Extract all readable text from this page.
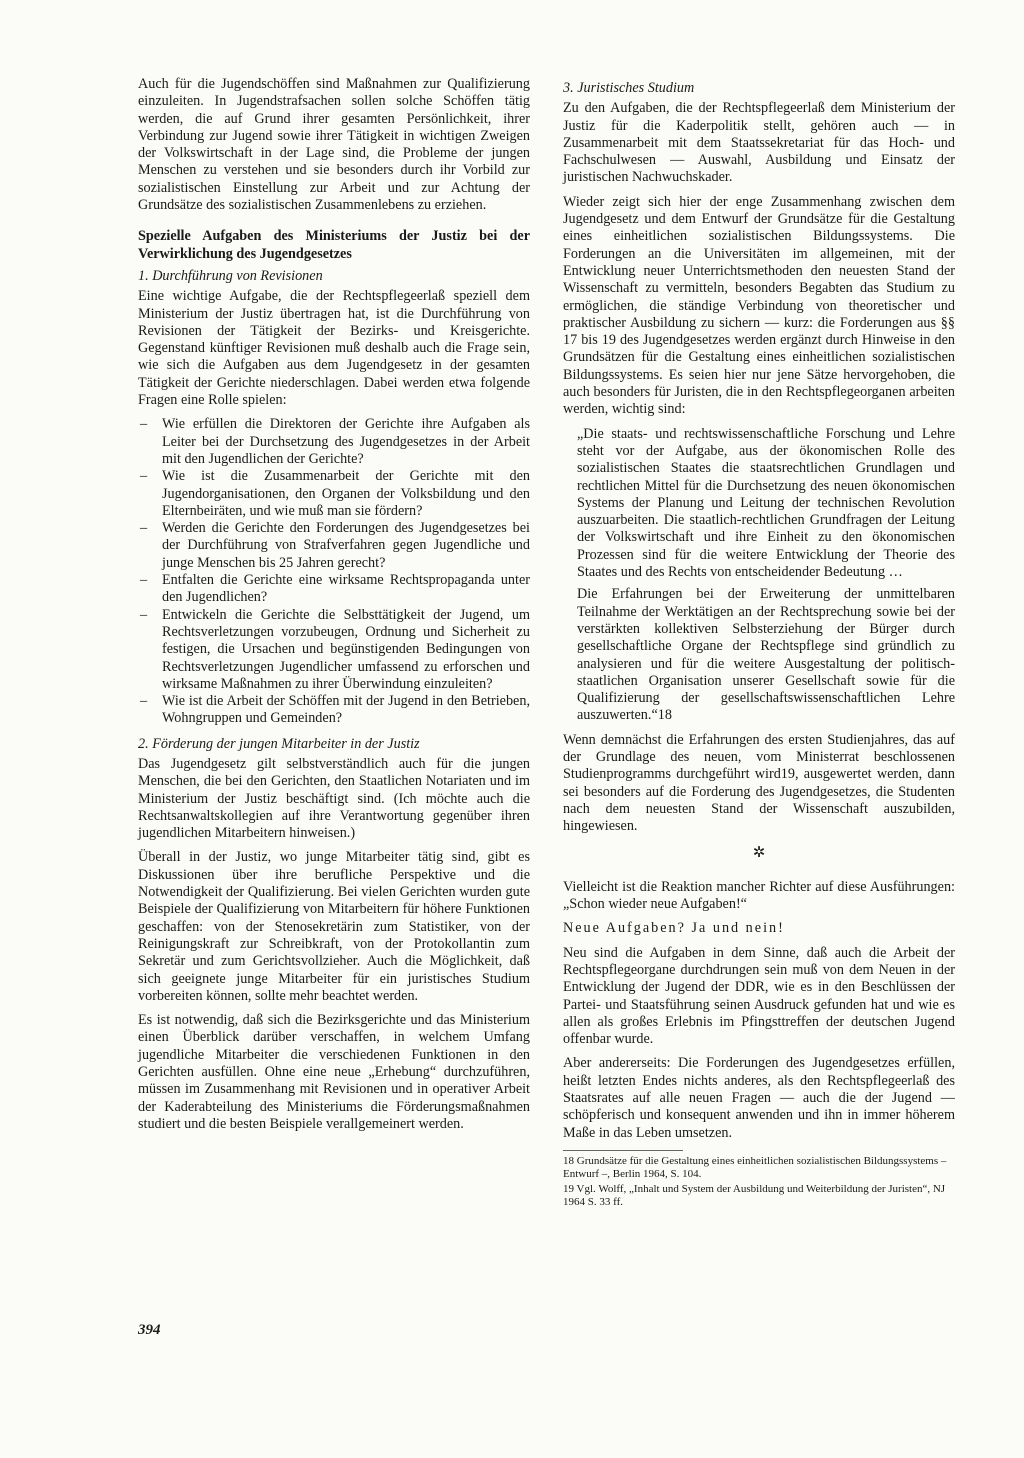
Auch für die Jugendschöffen sind Maßnahmen zur Qualifizierung einzuleiten. In Jugendstrafsachen sollen solche Schöffen tätig werden, die auf Grund ihrer gesamten Persönlichkeit, ihrer Verbindung zur Jugend sowie ihrer Tätigkeit in wichtigen Zweigen der Volkswirtschaft in der Lage sind, die Probleme der jungen Menschen zu verstehen und sie besonders durch ihr Vorbild zur sozialistischen Einstellung zur Arbeit und zur Achtung der Grundsätze des sozialistischen Zusammenlebens zu erziehen.

Spezielle Aufgaben des Ministeriums der Justiz bei der Verwirklichung des Jugendgesetzes
1. Durchführung von Revisionen

Eine wichtige Aufgabe, die der Rechtspflegeerlaß speziell dem Ministerium der Justiz übertragen hat, ist die Durchführung von Revisionen der Tätigkeit der Bezirks- und Kreisgerichte. Gegenstand künftiger Revisionen muß deshalb auch die Frage sein, wie sich die Aufgaben aus dem Jugendgesetz in der gesamten Tätigkeit der Gerichte niederschlagen. Dabei werden etwa folgende Fragen eine Rolle spielen:

– Wie erfüllen die Direktoren der Gerichte ihre Aufgaben als Leiter bei der Durchsetzung des Jugendgesetzes in der Arbeit mit den Jugendlichen der Gerichte?
– Wie ist die Zusammenarbeit der Gerichte mit den Jugendorganisationen, den Organen der Volksbildung und den Elternbeiräten, und wie muß man sie fördern?
– Werden die Gerichte den Forderungen des Jugendgesetzes bei der Durchführung von Strafverfahren gegen Jugendliche und junge Menschen bis 25 Jahren gerecht?
– Entfalten die Gerichte eine wirksame Rechtspropaganda unter den Jugendlichen?
– Entwickeln die Gerichte die Selbsttätigkeit der Jugend, um Rechtsverletzungen vorzubeugen, Ordnung und Sicherheit zu festigen, die Ursachen und begünstigenden Bedingungen von Rechtsverletzungen Jugendlicher umfassend zu erforschen und wirksame Maßnahmen zu ihrer Überwindung einzuleiten?
– Wie ist die Arbeit der Schöffen mit der Jugend in den Betrieben, Wohngruppen und Gemeinden?
2. Förderung der jungen Mitarbeiter in der Justiz

Das Jugendgesetz gilt selbstverständlich auch für die jungen Menschen, die bei den Gerichten, den Staatlichen Notariaten und im Ministerium der Justiz beschäftigt sind. (Ich möchte auch die Rechtsanwaltskollegien auf ihre Verantwortung gegenüber ihren jugendlichen Mitarbeitern hinweisen.)

Überall in der Justiz, wo junge Mitarbeiter tätig sind, gibt es Diskussionen über ihre berufliche Perspektive und die Notwendigkeit der Qualifizierung. Bei vielen Gerichten wurden gute Beispiele der Qualifizierung von Mitarbeitern für höhere Funktionen geschaffen: von der Stenosekretärin zum Statistiker, von der Reinigungskraft zur Schreibkraft, von der Protokollantin zum Sekretär und zum Gerichtsvollzieher. Auch die Möglichkeit, daß sich geeignete junge Mitarbeiter für ein juristisches Studium vorbereiten können, sollte mehr beachtet werden.

Es ist notwendig, daß sich die Bezirksgerichte und das Ministerium einen Überblick darüber verschaffen, in welchem Umfang jugendliche Mitarbeiter die verschiedenen Funktionen in den Gerichten ausfüllen. Ohne eine neue „Erhebung“ durchzuführen, müssen im Zusammenhang mit Revisionen und in operativer Arbeit der Kaderabteilung des Ministeriums die Förderungsmaßnahmen studiert und die besten Beispiele verallgemeinert werden.

3. Juristisches Studium

Zu den Aufgaben, die der Rechtspflegeerlaß dem Ministerium der Justiz für die Kaderpolitik stellt, gehören auch — in Zusammenarbeit mit dem Staatssekretariat für das Hoch- und Fachschulwesen — Auswahl, Ausbildung und Einsatz der juristischen Nachwuchskader.

Wieder zeigt sich hier der enge Zusammenhang zwischen dem Jugendgesetz und dem Entwurf der Grundsätze für die Gestaltung eines einheitlichen sozialistischen Bildungssystems. Die Forderungen an die Universitäten im allgemeinen, mit der Entwicklung neuer Unterrichtsmethoden den neuesten Stand der Wissenschaft zu vermitteln, besonders Begabten das Studium zu ermöglichen, die ständige Verbindung von theoretischer und praktischer Ausbildung zu sichern — kurz: die Forderungen aus §§ 17 bis 19 des Jugendgesetzes werden ergänzt durch Hinweise in den Grundsätzen für die Gestaltung eines einheitlichen sozialistischen Bildungssystems. Es seien hier nur jene Sätze hervorgehoben, die auch besonders für Juristen, die in den Rechtspflegeorganen arbeiten werden, wichtig sind:

„Die staats- und rechtswissenschaftliche Forschung und Lehre steht vor der Aufgabe, aus der ökonomischen Rolle des sozialistischen Staates die staatsrechtlichen Grundlagen und rechtlichen Mittel für die Durchsetzung des neuen ökonomischen Systems der Planung und Leitung der technischen Revolution auszuarbeiten. Die staatlich-rechtlichen Grundfragen der Leitung der Volkswirtschaft und ihre Einheit zu den ökonomischen Prozessen sind für die weitere Entwicklung der Theorie des Staates und des Rechts von entscheidender Bedeutung …

Die Erfahrungen bei der Erweiterung der unmittelbaren Teilnahme der Werktätigen an der Rechtsprechung sowie bei der verstärkten kollektiven Selbsterziehung der Bürger durch gesellschaftliche Organe der Rechtspflege sind gründlich zu analysieren und für die weitere Ausgestaltung der politisch-staatlichen Organisation unserer Gesellschaft sowie für die Qualifizierung der gesellschaftswissenschaftlichen Lehre auszuwerten.“18

Wenn demnächst die Erfahrungen des ersten Studienjahres, das auf der Grundlage des neuen, vom Ministerrat beschlossenen Studienprogramms durchgeführt wird19, ausgewertet werden, dann sei besonders auf die Forderung des Jugendgesetzes, die Studenten nach dem neuesten Stand der Wissenschaft auszubilden, hingewiesen.

✲

Vielleicht ist die Reaktion mancher Richter auf diese Ausführungen: „Schon wieder neue Aufgaben!“

Neue Aufgaben? Ja und nein!

Neu sind die Aufgaben in dem Sinne, daß auch die Arbeit der Rechtspflegeorgane durchdrungen sein muß von dem Neuen in der Entwicklung der Jugend der DDR, wie es in den Beschlüssen der Partei- und Staatsführung seinen Ausdruck gefunden hat und wie es allen als großes Erlebnis im Pfingsttreffen der deutschen Jugend offenbar wurde.

Aber andererseits: Die Forderungen des Jugendgesetzes erfüllen, heißt letzten Endes nichts anderes, als den Rechtspflegeerlaß des Staatsrates auf alle neuen Fragen — auch die der Jugend — schöpferisch und konsequent anwenden und ihn in immer höherem Maße in das Leben umsetzen.

18 Grundsätze für die Gestaltung eines einheitlichen sozialistischen Bildungssystems – Entwurf –, Berlin 1964, S. 104.

19 Vgl. Wolff, „Inhalt und System der Ausbildung und Weiterbildung der Juristen“, NJ 1964 S. 33 ff.

394
